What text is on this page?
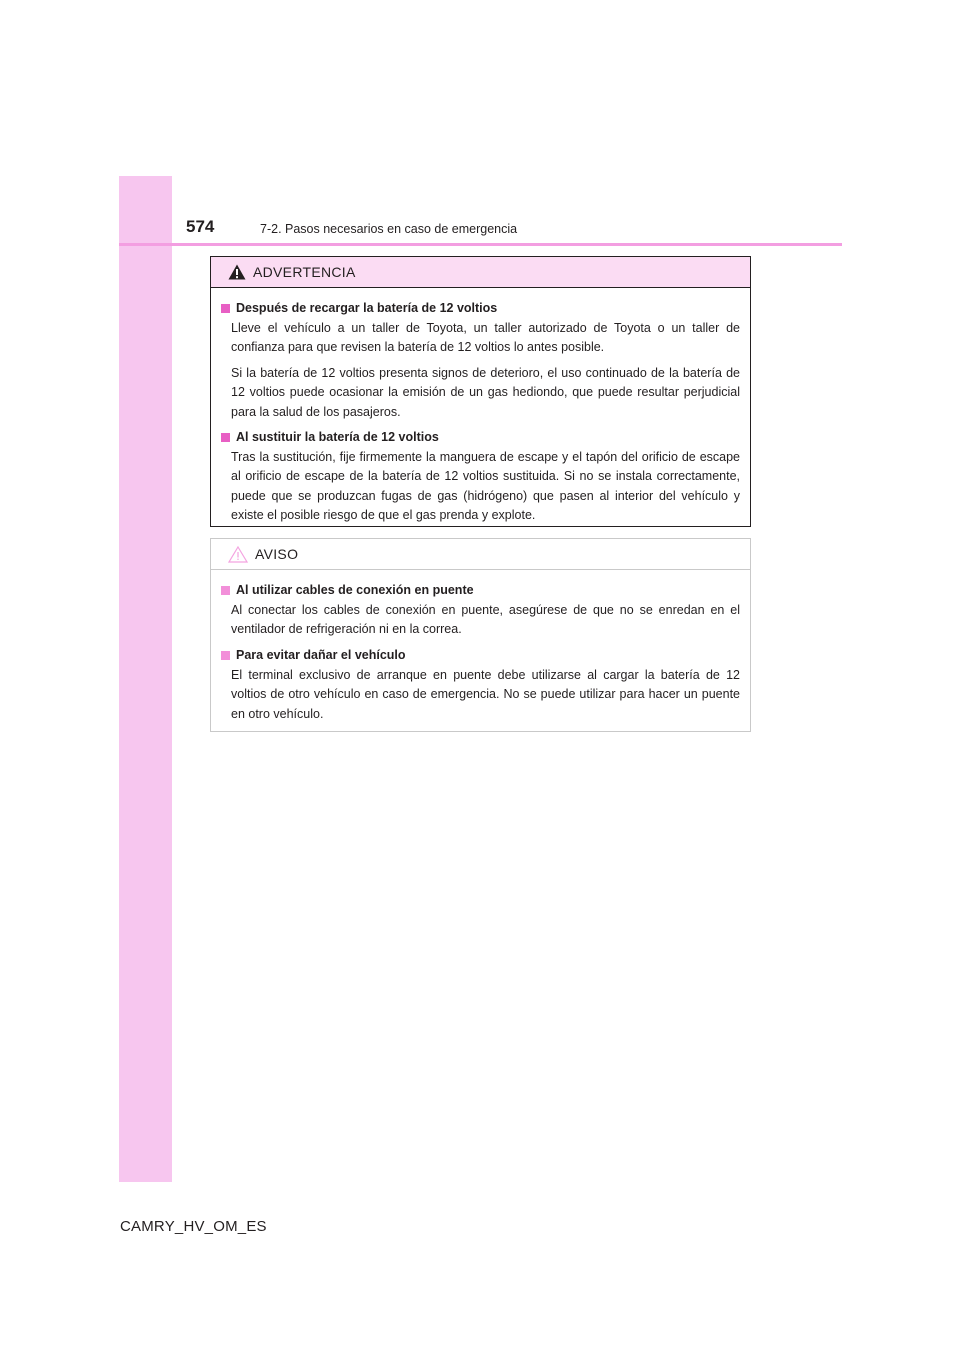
574	7-2. Pasos necesarios en caso de emergencia
ADVERTENCIA
Después de recargar la batería de 12 voltios

Lleve el vehículo a un taller de Toyota, un taller autorizado de Toyota o un taller de confianza para que revisen la batería de 12 voltios lo antes posible.

Si la batería de 12 voltios presenta signos de deterioro, el uso continuado de la batería de 12 voltios puede ocasionar la emisión de un gas hediondo, que puede resultar perjudicial para la salud de los pasajeros.

Al sustituir la batería de 12 voltios

Tras la sustitución, fije firmemente la manguera de escape y el tapón del orificio de escape al orificio de escape de la batería de 12 voltios sustituida. Si no se instala correctamente, puede que se produzcan fugas de gas (hidrógeno) que pasen al interior del vehículo y existe el posible riesgo de que el gas prenda y explote.

AVISO
Al utilizar cables de conexión en puente

Al conectar los cables de conexión en puente, asegúrese de que no se enredan en el ventilador de refrigeración ni en la correa.

Para evitar dañar el vehículo

El terminal exclusivo de arranque en puente debe utilizarse al cargar la batería de 12 voltios de otro vehículo en caso de emergencia. No se puede utilizar para hacer un puente en otro vehículo.

CAMRY_HV_OM_ES
